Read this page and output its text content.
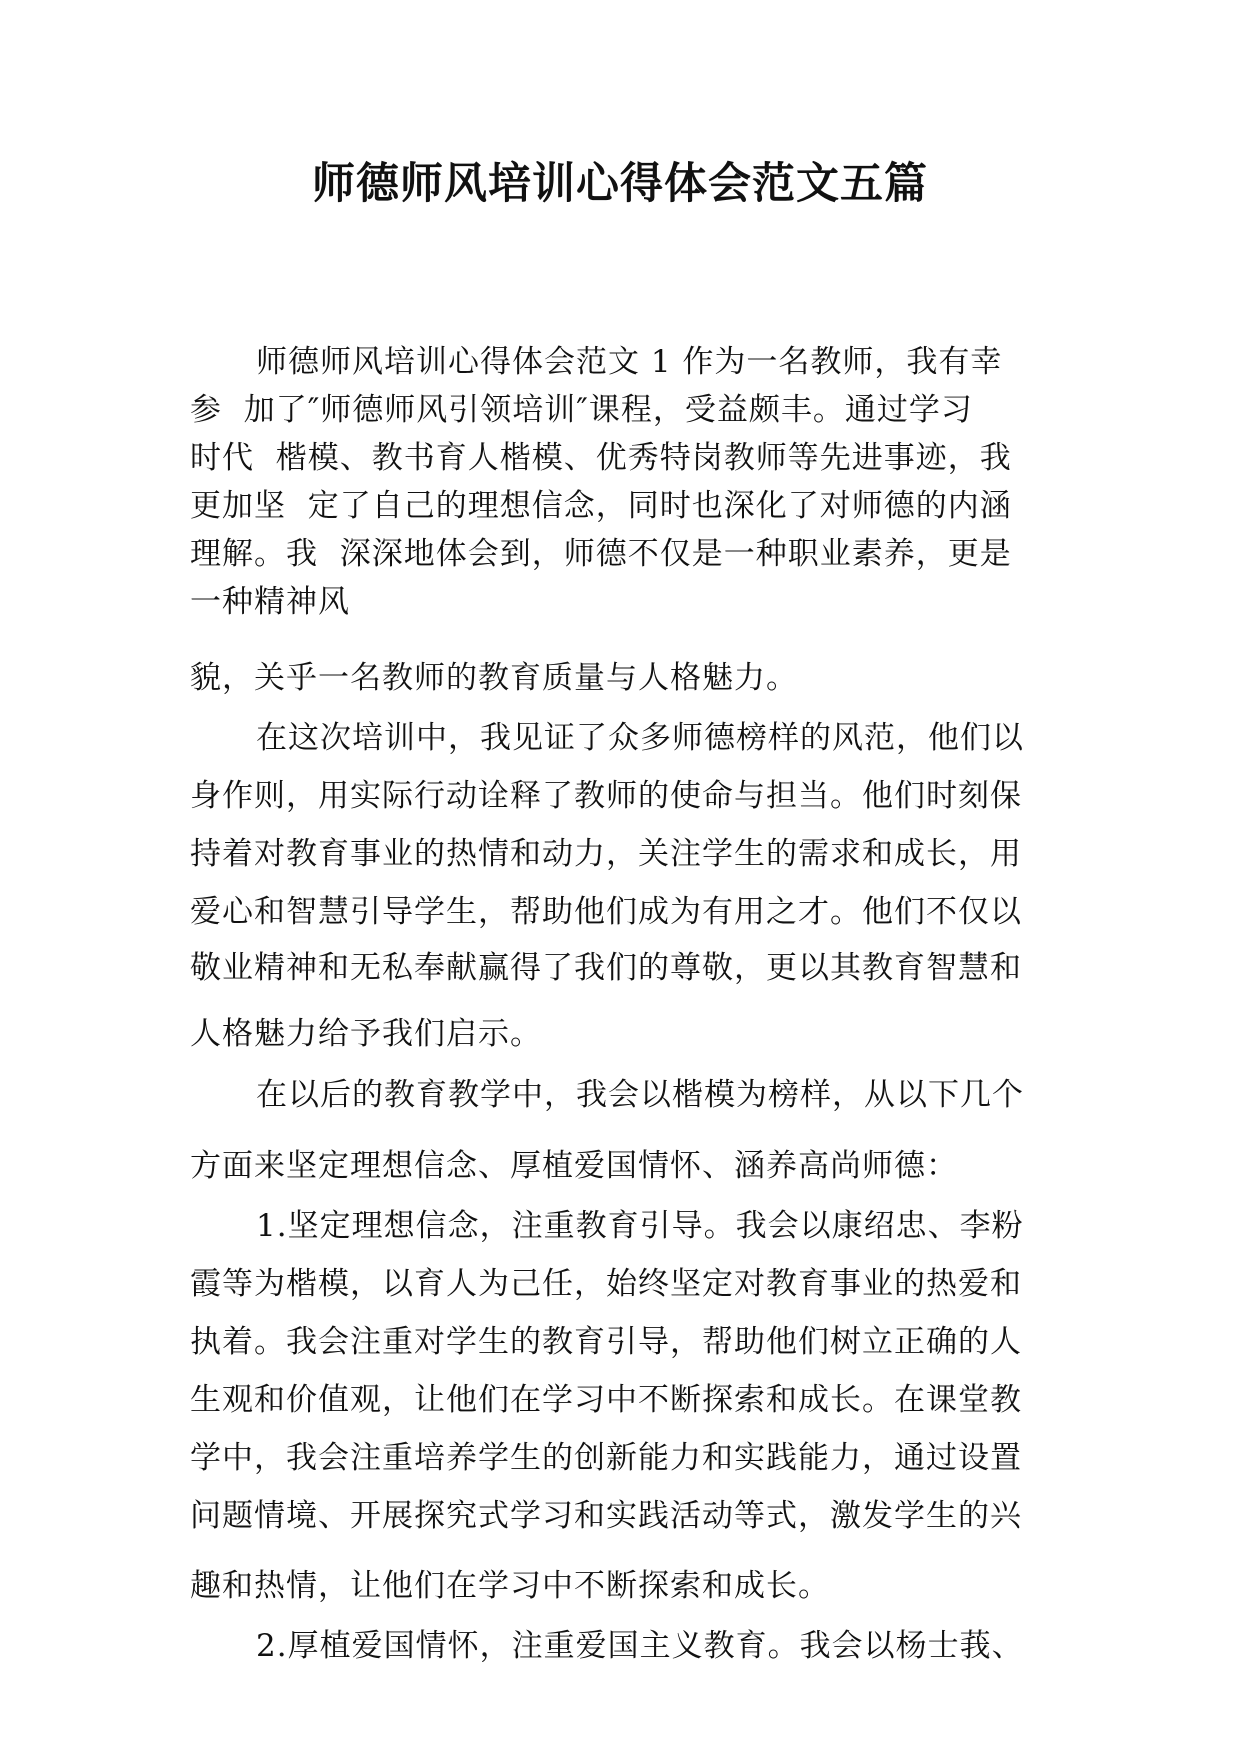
师德师风培训心得体会范文五篇
师德师风培训心得体会范文 1 作为一名教师，我有幸
参  加了″师德师风引领培训″课程，受益颇丰。通过学习
时代  楷模、教书育人楷模、优秀特岗教师等先进事迹，我
更加坚  定了自己的理想信念，同时也深化了对师德的内涵
理解。我  深深地体会到，师德不仅是一种职业素养，更是
一种精神风
貌，关乎一名教师的教育质量与人格魅力。
在这次培训中，我见证了众多师德榜样的风范，他们以
身作则，用实际行动诠释了教师的使命与担当。他们时刻保
持着对教育事业的热情和动力，关注学生的需求和成长，用
爱心和智慧引导学生，帮助他们成为有用之才。他们不仅以
敬业精神和无私奉献赢得了我们的尊敬，更以其教育智慧和
人格魅力给予我们启示。
在以后的教育教学中，我会以楷模为榜样，从以下几个
方面来坚定理想信念、厚植爱国情怀、涵养高尚师德：
1.坚定理想信念，注重教育引导。我会以康绍忠、李粉
霞等为楷模，以育人为己任，始终坚定对教育事业的热爱和
执着。我会注重对学生的教育引导，帮助他们树立正确的人
生观和价值观，让他们在学习中不断探索和成长。在课堂教
学中，我会注重培养学生的创新能力和实践能力，通过设置
问题情境、开展探究式学习和实践活动等式，激发学生的兴
趣和热情，让他们在学习中不断探索和成长。
2.厚植爱国情怀，注重爱国主义教育。我会以杨士莪、
